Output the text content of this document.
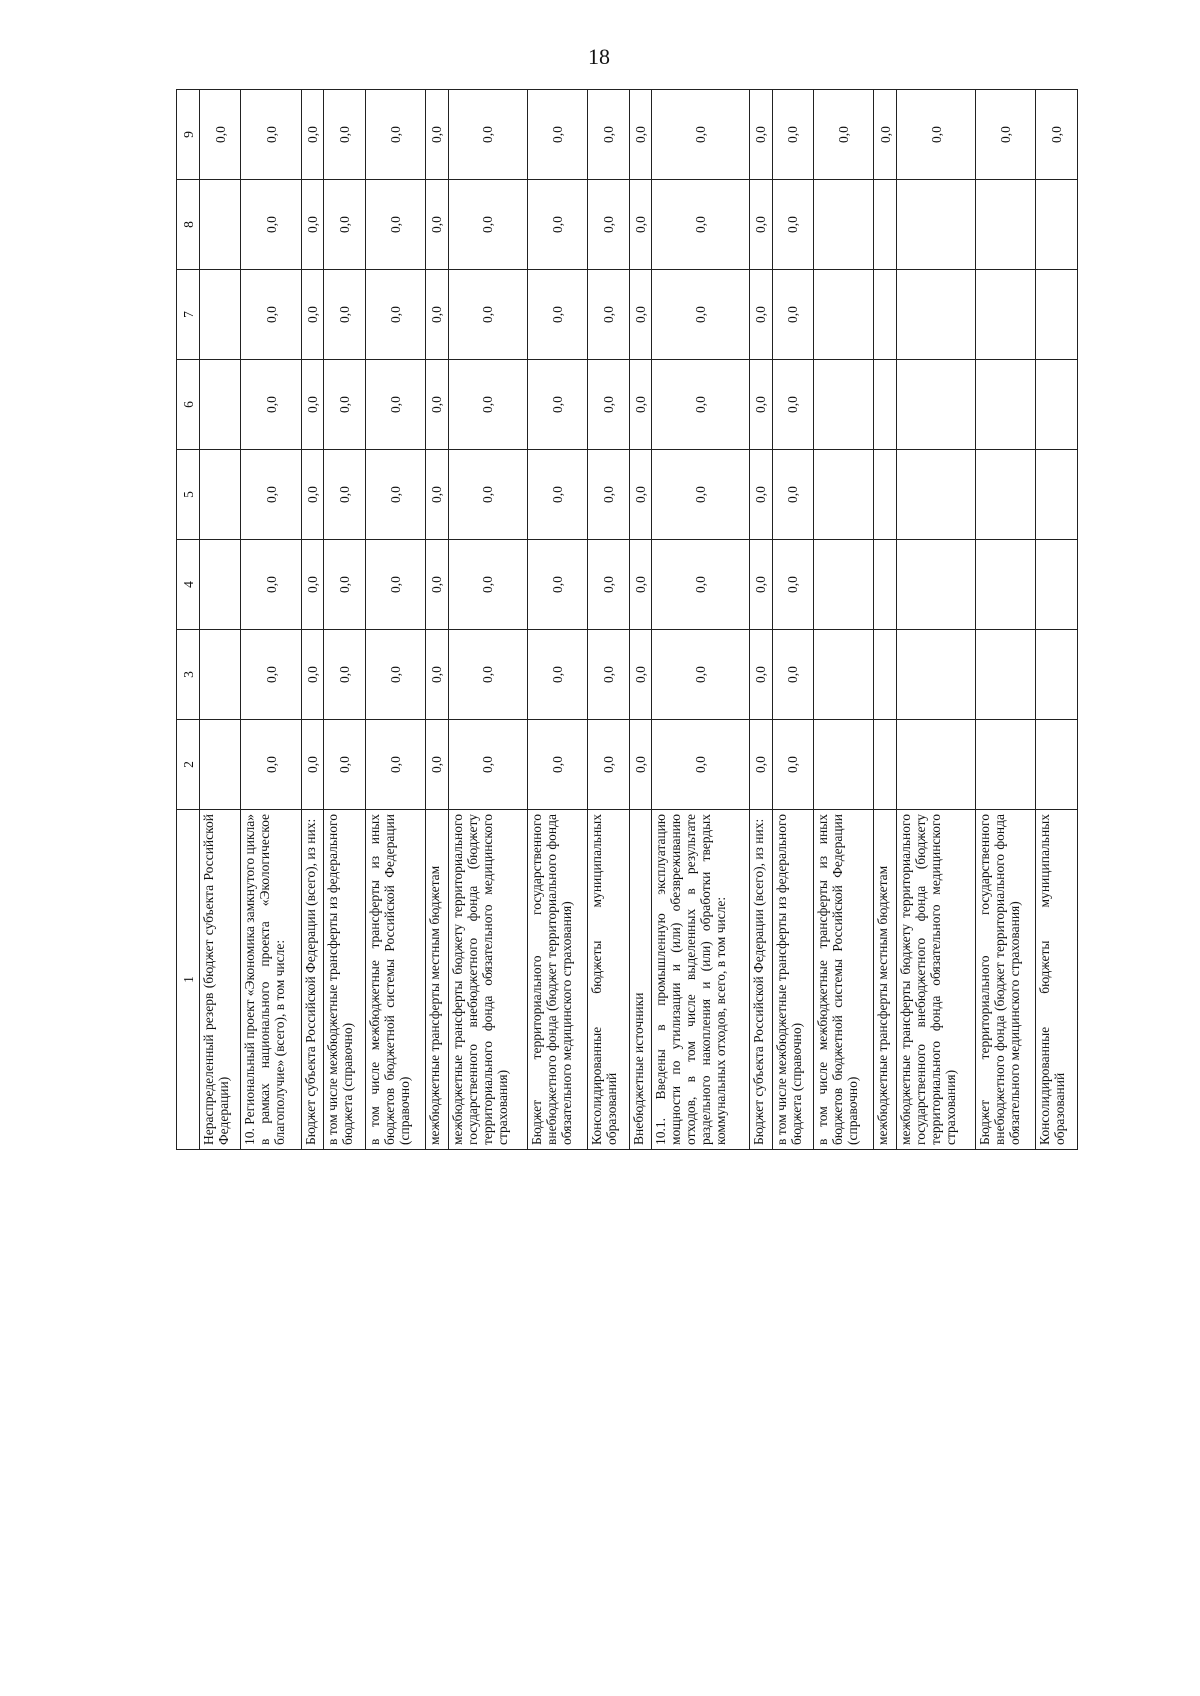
18
1	2	3	4	5	6	7	8	9
Нераспределенный резерв (бюджет субъекта Российской Федерации)								0,0
10. Региональный проект «Экономика замкнутого цикла» в рамках национального проекта «Экологическое благополучие» (всего), в том числе:	0,0	0,0	0,0	0,0	0,0	0,0	0,0	0,0
Бюджет субъекта Российской Федерации (всего), из них:	0,0	0,0	0,0	0,0	0,0	0,0	0,0	0,0
в том числе межбюджетные трансферты из федерального бюджета (справочно)	0,0	0,0	0,0	0,0	0,0	0,0	0,0	0,0
в том числе межбюджетные трансферты из иных бюджетов бюджетной системы Российской Федерации (справочно)	0,0	0,0	0,0	0,0	0,0	0,0	0,0	0,0
межбюджетные трансферты местным бюджетам	0,0	0,0	0,0	0,0	0,0	0,0	0,0	0,0
межбюджетные трансферты бюджету территориального государственного внебюджетного фонда (бюджету территориального фонда обязательного медицинского страхования)	0,0	0,0	0,0	0,0	0,0	0,0	0,0	0,0
Бюджет территориального государственного внебюджетного фонда (бюджет территориального фонда обязательного медицинского страхования)	0,0	0,0	0,0	0,0	0,0	0,0	0,0	0,0
Консолидированные бюджеты муниципальных образований	0,0	0,0	0,0	0,0	0,0	0,0	0,0	0,0
Внебюджетные источники	0,0	0,0	0,0	0,0	0,0	0,0	0,0	0,0
10.1. Введены в промышленную эксплуатацию мощности по утилизации и (или) обезвреживанию отходов, в том числе выделенных в результате раздельного накопления и (или) обработки твердых коммунальных отходов, всего, в том числе:	0,0	0,0	0,0	0,0	0,0	0,0	0,0	0,0
Бюджет субъекта Российской Федерации (всего), из них:	0,0	0,0	0,0	0,0	0,0	0,0	0,0	0,0
в том числе межбюджетные трансферты из федерального бюджета (справочно)	0,0	0,0	0,0	0,0	0,0	0,0	0,0	0,0
в том числе межбюджетные трансферты из иных бюджетов бюджетной системы Российской Федерации (справочно)								0,0
межбюджетные трансферты местным бюджетам								0,0
межбюджетные трансферты бюджету территориального государственного внебюджетного фонда (бюджету территориального фонда обязательного медицинского страхования)								0,0
Бюджет территориального государственного внебюджетного фонда (бюджет территориального фонда обязательного медицинского страхования)								0,0
Консолидированные бюджеты муниципальных образований								0,0
